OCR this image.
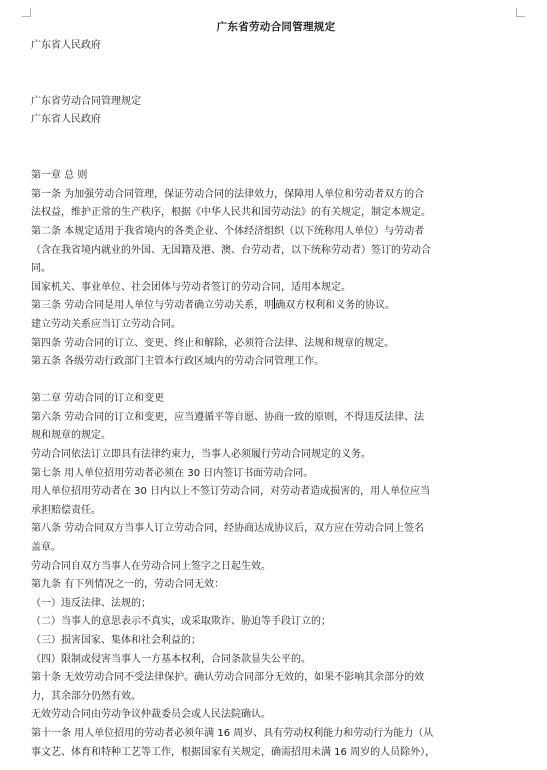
广东省劳动合同管理规定
广东省人民政府
广东省劳动合同管理规定
广东省人民政府
第一章 总 则
第一条 为加强劳动合同管理，保证劳动合同的法律效力，保障用人单位和劳动者双方的合
法权益，维护正常的生产秩序，根据《中华人民共和国劳动法》的有关规定，制定本规定。
第二条 本规定适用于我省境内的各类企业、个体经济组织（以下统称用人单位）与劳动者
（含在我省境内就业的外国、无国籍及港、澳、台劳动者，以下统称劳动者）签订的劳动合
同。
国家机关、事业单位、社会团体与劳动者签订的劳动合同，适用本规定。
第三条 劳动合同是用人单位与劳动者确立劳动关系，明确双方权利和义务的协议。
建立劳动关系应当订立劳动合同。
第四条 劳动合同的订立、变更、终止和解除，必须符合法律、法规和规章的规定。
第五条 各级劳动行政部门主管本行政区域内的劳动合同管理工作。
第二章 劳动合同的订立和变更
第六条 劳动合同的订立和变更，应当遵循平等自愿、协商一致的原则，不得违反法律、法
规和规章的规定。
劳动合同依法订立即具有法律约束力，当事人必须履行劳动合同规定的义务。
第七条 用人单位招用劳动者必须在 30 日内签订书面劳动合同。
用人单位招用劳动者在 30 日内以上不签订劳动合同，对劳动者造成损害的，用人单位应当
承担赔偿责任。
第八条 劳动合同双方当事人订立劳动合同，经协商达成协议后，双方应在劳动合同上签名
盖章。
劳动合同自双方当事人在劳动合同上签字之日起生效。
第九条 有下列情况之一的，劳动合同无效：
（一）违反法律、法规的；
（二）当事人的意思表示不真实，或采取欺诈、胁迫等手段订立的；
（三）损害国家、集体和社会利益的；
（四）限制或侵害当事人一方基本权利，合同条款显失公平的。
第十条 无效劳动合同不受法律保护。确认劳动合同部分无效的，如果不影响其余部分的效
力，其余部分仍然有效。
无效劳动合同由劳动争议仲裁委员会或人民法院确认。
第十一条 用人单位招用的劳动者必须年满 16 周岁、具有劳动权利能力和劳动行为能力（从
事文艺、体育和特种工艺等工作，根据国家有关规定，确需招用未满 16 周岁的人员除外），
